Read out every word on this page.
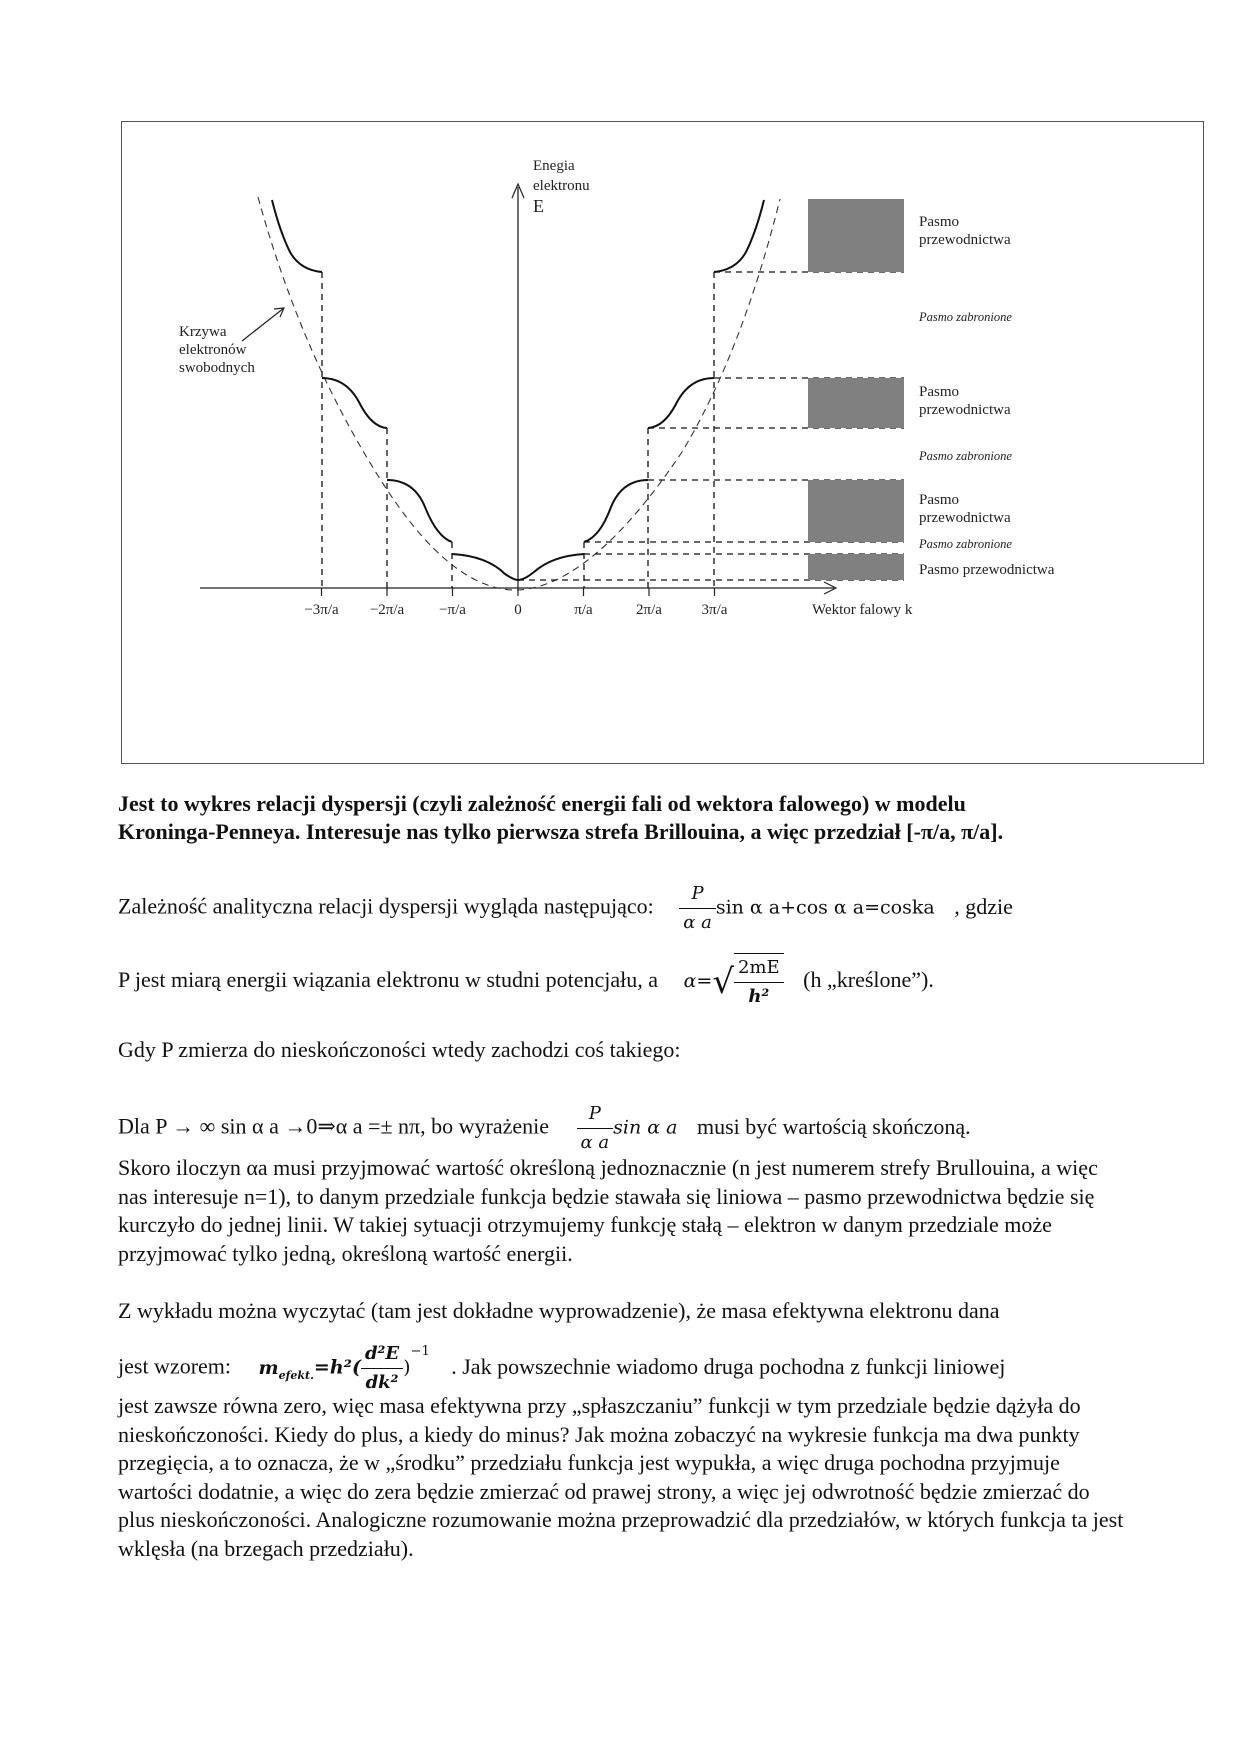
Enegia
elektronu
E
Krzywa
elektronów
swobodnych
Pasmo
przewodnictwa
Pasmo zabronione
Pasmo
przewodnictwa
Pasmo zabronione
Pasmo
przewodnictwa
Pasmo zabronione
Pasmo przewodnictwa
−3π/a −2π/a −π/a	0	π/a	2π/a	3π/a	Wektor falowy k
Jest to wykres relacji dyspersji (czyli zależność energii fali od wektora falowego) w modelu
Kroninga-Penneya. Interesuje nas tylko pierwsza strefa Brillouina, a więc przedział [-π/a, π/a].
Zależność analityczna relacji dyspersji wygląda następująco: $\frac{P}{\text{α a}}$ sin α a+cos α a=coska , gdzie
P jest miarą energii wiązania elektronu w studni potencjału, a $\alpha=√ \frac{2mE}{\text{h²}} (h$ „kreślone”).
Gdy P zmierza do nieskończoności wtedy zachodzi coś takiego:
Dla P → ∞ sin α a →0⇒α a =± nπ, bo wyrażenie $\frac{P}{\text{α a}}$ sin α a musi być wartością skończoną.
Skoro iloczyn αa musi przyjmować wartość określoną jednoznacznie (n jest numerem strefy Brullouina, a więc nas interesuje n=1), to danym przedziale funkcja będzie stawała się liniowa – pasmo przewodnictwa będzie się kurczyło do jednej linii. W takiej sytuacji otrzymujemy funkcję stałą – elektron w danym przedziale może przyjmować tylko jedną, określoną wartość energii.
Z wykładu można wyczytać (tam jest dokładne wyprowadzenie), że masa efektywna elektronu dana
jest wzorem: $m_{efekt.}=h^2( \frac{\text{d²E}}{\text{dk²}} )^{-1}$ . Jak powszechnie wiadomo druga pochodna z funkcji liniowej
jest zawsze równa zero, więc masa efektywna przy „spłaszczaniu” funkcji w tym przedziale będzie dążyła do nieskończoności. Kiedy do plus, a kiedy do minus? Jak można zobaczyć na wykresie funkcja ma dwa punkty przegięcia, a to oznacza, że w „środku” przedziału funkcja jest wypukła, a więc druga pochodna przyjmuje wartości dodatnie, a więc do zera będzie zmierzać od prawej strony, a więc jej odwrotność będzie zmierzać do plus nieskończoności. Analogiczne rozumowanie można przeprowadzić dla przedziałów, w których funkcja ta jest wklęsła (na brzegach przedziału).
